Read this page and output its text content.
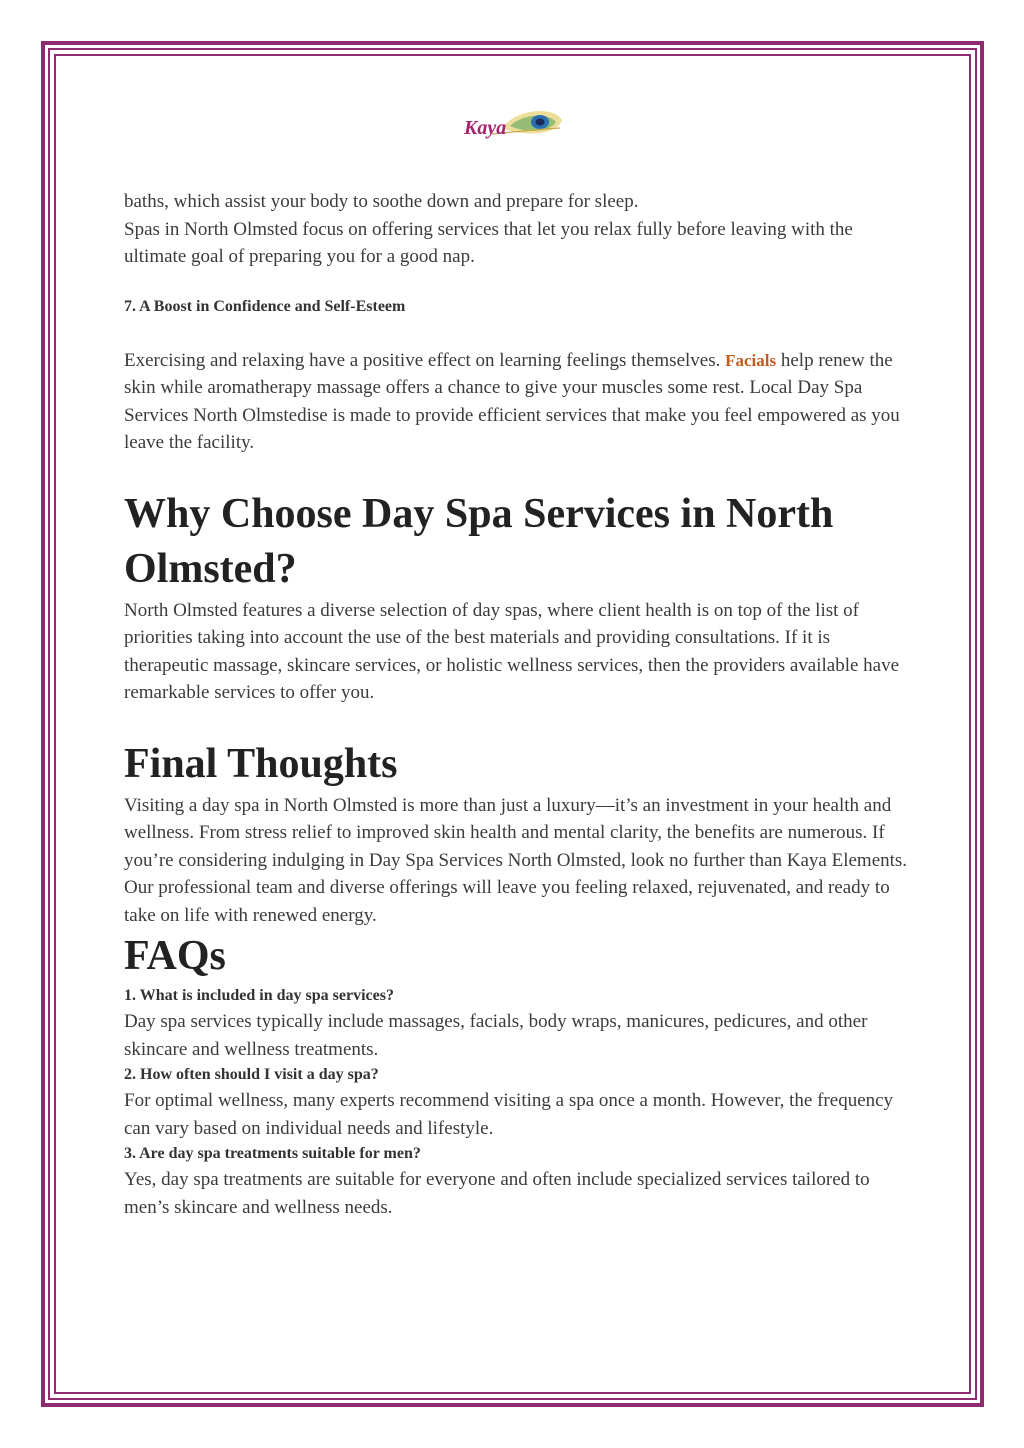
Kaya

baths, which assist your body to soothe down and prepare for sleep.

Spas in North Olmsted focus on offering services that let you relax fully before leaving with the ultimate goal of preparing you for a good nap.

7. A Boost in Confidence and Self-Esteem

Exercising and relaxing have a positive effect on learning feelings themselves. Facials help renew the skin while aromatherapy massage offers a chance to give your muscles some rest. Local Day Spa Services North Olmstedise is made to provide efficient services that make you feel empowered as you leave the facility.

Why Choose Day Spa Services in North Olmsted?

North Olmsted features a diverse selection of day spas, where client health is on top of the list of priorities taking into account the use of the best materials and providing consultations. If it is therapeutic massage, skincare services, or holistic wellness services, then the providers available have remarkable services to offer you.

Final Thoughts

Visiting a day spa in North Olmsted is more than just a luxury—it’s an investment in your health and wellness. From stress relief to improved skin health and mental clarity, the benefits are numerous. If you’re considering indulging in Day Spa Services North Olmsted, look no further than Kaya Elements. Our professional team and diverse offerings will leave you feeling relaxed, rejuvenated, and ready to take on life with renewed energy.

FAQs

1. What is included in day spa services?

Day spa services typically include massages, facials, body wraps, manicures, pedicures, and other skincare and wellness treatments.

2. How often should I visit a day spa?

For optimal wellness, many experts recommend visiting a spa once a month. However, the frequency can vary based on individual needs and lifestyle.

3. Are day spa treatments suitable for men?

Yes, day spa treatments are suitable for everyone and often include specialized services tailored to men’s skincare and wellness needs.
